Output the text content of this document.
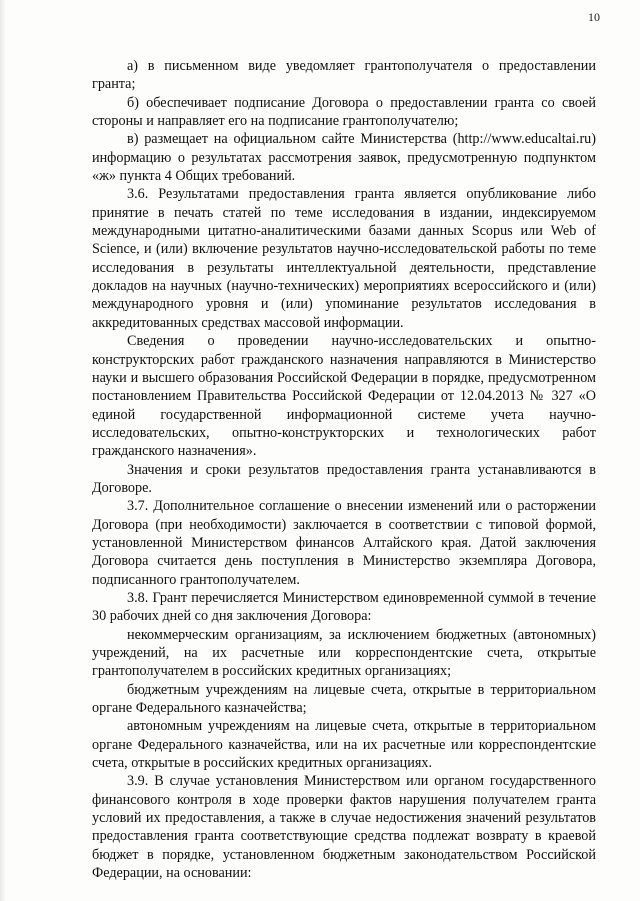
10

а) в письменном виде уведомляет грантополучателя о предоставлении гранта;

б) обеспечивает подписание Договора о предоставлении гранта со своей стороны и направляет его на подписание грантополучателю;

в) размещает на официальном сайте Министерства (http://www.educaltai.ru) информацию о результатах рассмотрения заявок, предусмотренную подпунктом «ж» пункта 4 Общих требований.

3.6. Результатами предоставления гранта является опубликование либо принятие в печать статей по теме исследования в издании, индексируемом международными цитатно-аналитическими базами данных Scopus или Web of Science, и (или) включение результатов научно-исследовательской работы по теме исследования в результаты интеллектуальной деятельности, представление докладов на научных (научно-технических) мероприятиях всероссийского и (или) международного уровня и (или) упоминание результатов исследования в аккредитованных средствах массовой информации.

Сведения о проведении научно-исследовательских и опытно-конструкторских работ гражданского назначения направляются в Министерство науки и высшего образования Российской Федерации в порядке, предусмотренном постановлением Правительства Российской Федерации от 12.04.2013 № 327 «О единой государственной информационной системе учета научно-исследовательских, опытно-конструкторских и технологических работ гражданского назначения».

Значения и сроки результатов предоставления гранта устанавливаются в Договоре.

3.7. Дополнительное соглашение о внесении изменений или о расторжении Договора (при необходимости) заключается в соответствии с типовой формой, установленной Министерством финансов Алтайского края. Датой заключения Договора считается день поступления в Министерство экземпляра Договора, подписанного грантополучателем.

3.8. Грант перечисляется Министерством единовременной суммой в течение 30 рабочих дней со дня заключения Договора:

некоммерческим организациям, за исключением бюджетных (автономных) учреждений, на их расчетные или корреспондентские счета, открытые грантополучателем в российских кредитных организациях;

бюджетным учреждениям на лицевые счета, открытые в территориальном органе Федерального казначейства;

автономным учреждениям на лицевые счета, открытые в территориальном органе Федерального казначейства, или на их расчетные или корреспондентские счета, открытые в российских кредитных организациях.

3.9. В случае установления Министерством или органом государственного финансового контроля в ходе проверки фактов нарушения получателем гранта условий их предоставления, а также в случае недостижения значений результатов предоставления гранта соответствующие средства подлежат возврату в краевой бюджет в порядке, установленном бюджетным законодательством Российской Федерации, на основании:
